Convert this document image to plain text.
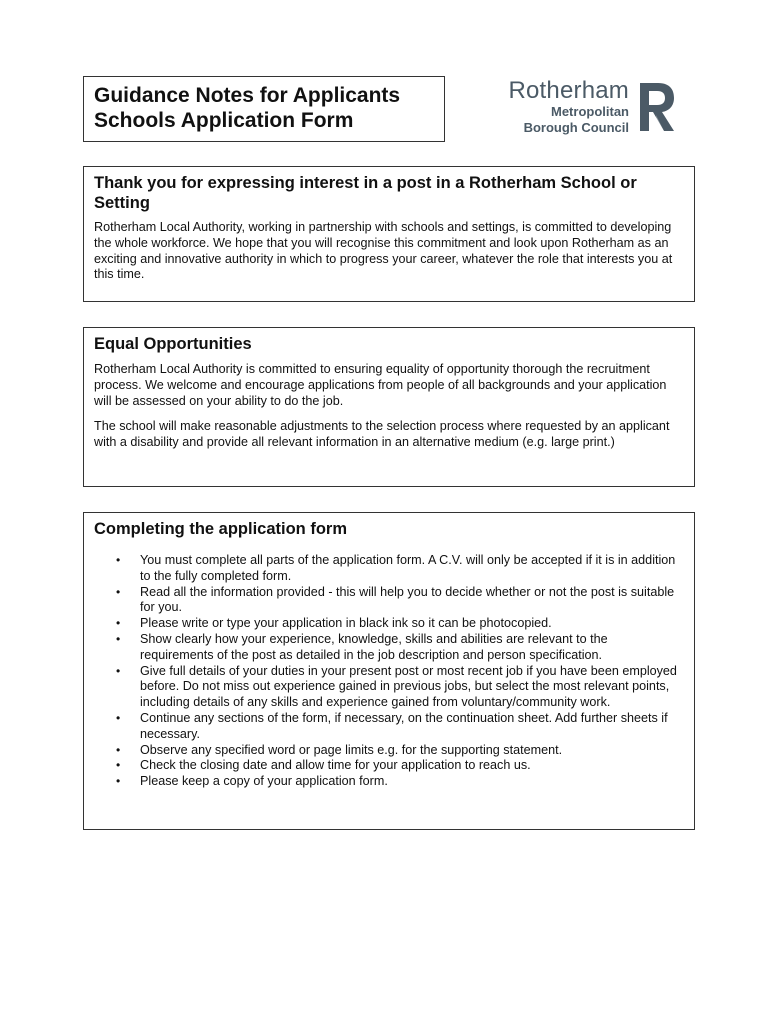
Guidance Notes for Applicants
Schools Application Form
Rotherham
Metropolitan
Borough Council
Thank you for expressing interest in a post in a Rotherham School or Setting

Rotherham Local Authority, working in partnership with schools and settings, is committed to developing the whole workforce. We hope that you will recognise this commitment and look upon Rotherham as an exciting and innovative authority in which to progress your career, whatever the role that interests you at this time.

Equal Opportunities

Rotherham Local Authority is committed to ensuring equality of opportunity thorough the recruitment process. We welcome and encourage applications from people of all backgrounds and your application will be assessed on your ability to do the job.

The school will make reasonable adjustments to the selection process where requested by an applicant with a disability and provide all relevant information in an alternative medium (e.g. large print.)

Completing the application form
• You must complete all parts of the application form. A C.V. will only be accepted if it is in addition to the fully completed form.
• Read all the information provided - this will help you to decide whether or not the post is suitable for you.
• Please write or type your application in black ink so it can be photocopied.
• Show clearly how your experience, knowledge, skills and abilities are relevant to the requirements of the post as detailed in the job description and person specification.
• Give full details of your duties in your present post or most recent job if you have been employed before. Do not miss out experience gained in previous jobs, but select the most relevant points, including details of any skills and experience gained from voluntary/community work.
• Continue any sections of the form, if necessary, on the continuation sheet. Add further sheets if necessary.
• Observe any specified word or page limits e.g. for the supporting statement.
• Check the closing date and allow time for your application to reach us.
• Please keep a copy of your application form.
